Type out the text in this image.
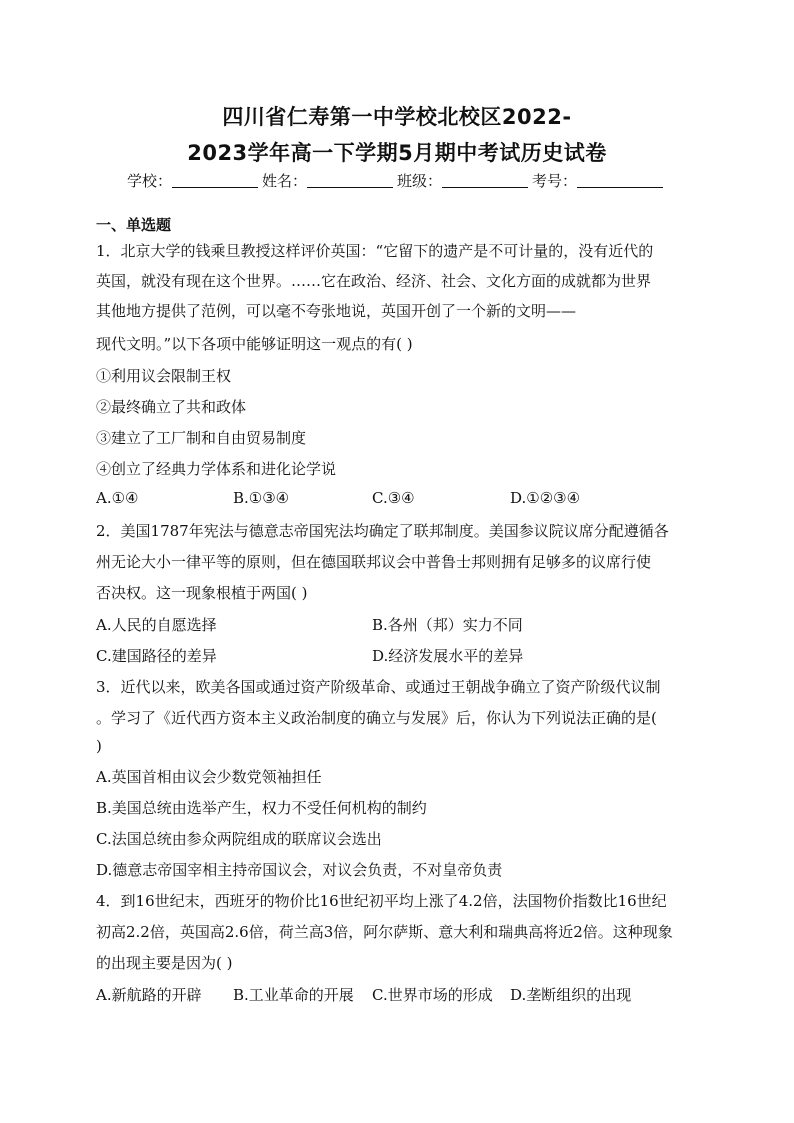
四川省仁寿第一中学校北校区2022-
2023学年高一下学期5月期中考试历史试卷
学校：	姓名：	班级：	考号：
一、单选题
1．北京大学的钱乘旦教授这样评价英国：“它留下的遗产是不可计量的，没有近代的
英国，就没有现在这个世界。……它在政治、经济、社会、文化方面的成就都为世界
其他地方提供了范例，可以毫不夸张地说，英国开创了一个新的文明——
现代文明。”以下各项中能够证明这一观点的有( )
①利用议会限制王权
②最终确立了共和政体
③建立了工厂制和自由贸易制度
④创立了经典力学体系和进化论学说
A.①④	B.①③④	C.③④	D.①②③④
2．美国1787年宪法与德意志帝国宪法均确定了联邦制度。美国参议院议席分配遵循各
州无论大小一律平等的原则，但在德国联邦议会中普鲁士邦则拥有足够多的议席行使
否决权。这一现象根植于两国( )
A.人民的自愿选择	B.各州（邦）实力不同
C.建国路径的差异	D.经济发展水平的差异
3．近代以来，欧美各国或通过资产阶级革命、或通过王朝战争确立了资产阶级代议制
。学习了《近代西方资本主义政治制度的确立与发展》后，你认为下列说法正确的是(
)
A.英国首相由议会少数党领袖担任
B.美国总统由选举产生，权力不受任何机构的制约
C.法国总统由参众两院组成的联席议会选出
D.德意志帝国宰相主持帝国议会，对议会负责，不对皇帝负责
4．到16世纪末，西班牙的物价比16世纪初平均上涨了4.2倍，法国物价指数比16世纪
初高2.2倍，英国高2.6倍，荷兰高3倍，阿尔萨斯、意大利和瑞典高将近2倍。这种现象
的出现主要是因为( )
A.新航路的开辟 B.工业革命的开展 C.世界市场的形成 D.垄断组织的出现
